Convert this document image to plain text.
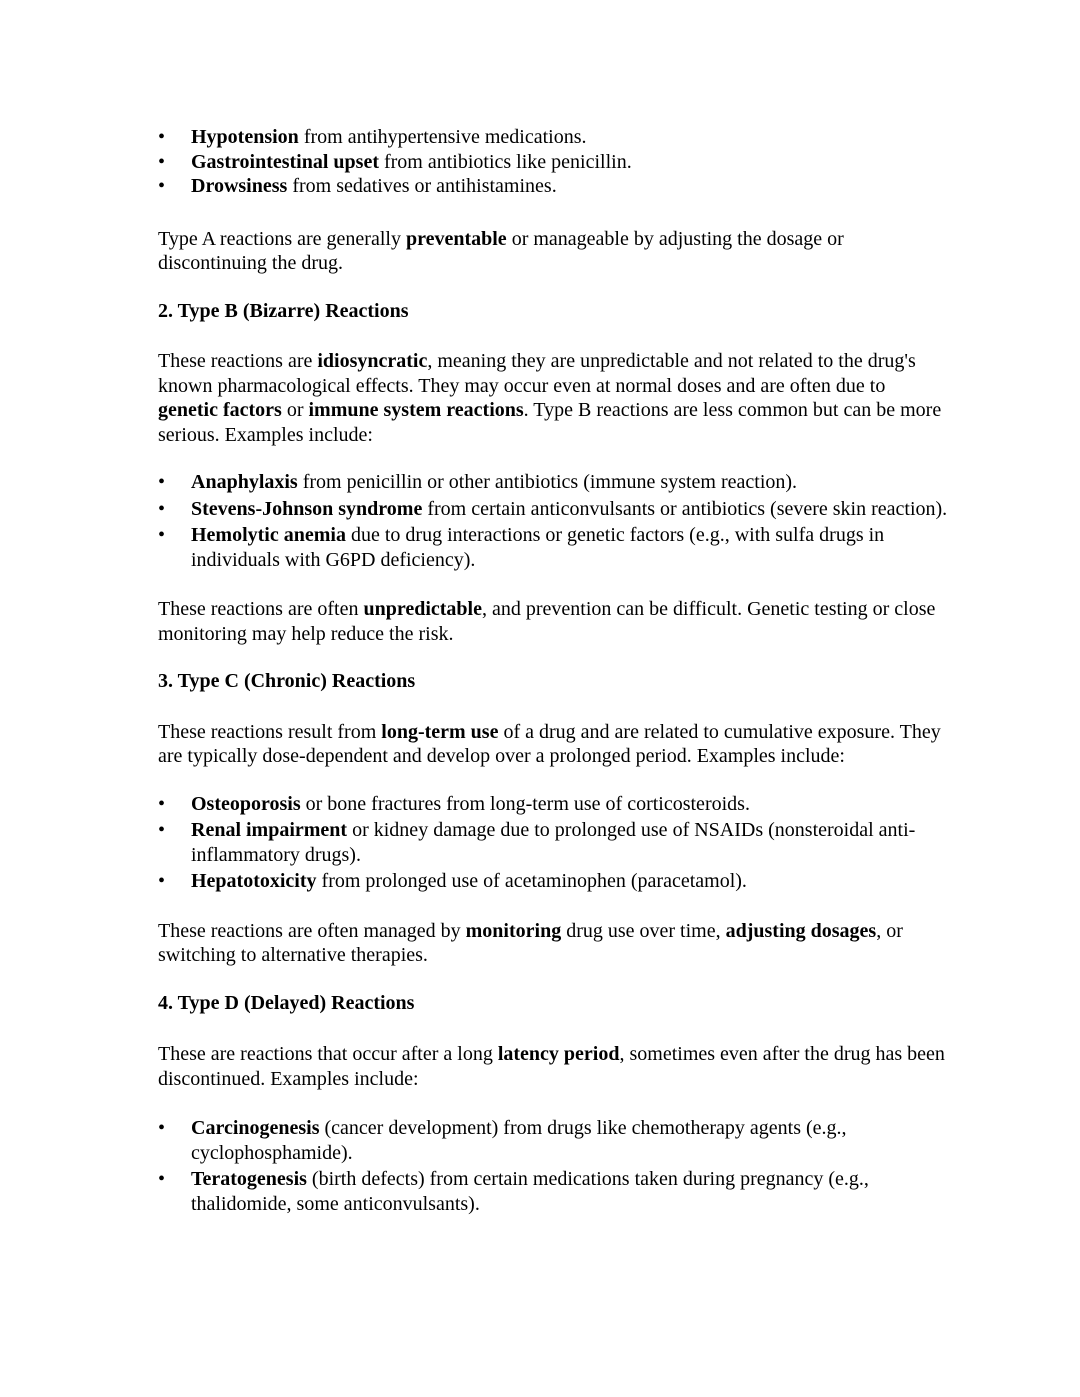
• Hypotension from antihypertensive medications.
• Gastrointestinal upset from antibiotics like penicillin.
• Drowsiness from sedatives or antihistamines.

Type A reactions are generally preventable or manageable by adjusting the dosage or discontinuing the drug.

2. Type B (Bizarre) Reactions

These reactions are idiosyncratic, meaning they are unpredictable and not related to the drug's known pharmacological effects. They may occur even at normal doses and are often due to genetic factors or immune system reactions. Type B reactions are less common but can be more serious. Examples include:

• Anaphylaxis from penicillin or other antibiotics (immune system reaction).
• Stevens-Johnson syndrome from certain anticonvulsants or antibiotics (severe skin reaction).
• Hemolytic anemia due to drug interactions or genetic factors (e.g., with sulfa drugs in individuals with G6PD deficiency).

These reactions are often unpredictable, and prevention can be difficult. Genetic testing or close monitoring may help reduce the risk.

3. Type C (Chronic) Reactions

These reactions result from long-term use of a drug and are related to cumulative exposure. They are typically dose-dependent and develop over a prolonged period. Examples include:

• Osteoporosis or bone fractures from long-term use of corticosteroids.
• Renal impairment or kidney damage due to prolonged use of NSAIDs (nonsteroidal anti-inflammatory drugs).
• Hepatotoxicity from prolonged use of acetaminophen (paracetamol).

These reactions are often managed by monitoring drug use over time, adjusting dosages, or switching to alternative therapies.

4. Type D (Delayed) Reactions

These are reactions that occur after a long latency period, sometimes even after the drug has been discontinued. Examples include:

• Carcinogenesis (cancer development) from drugs like chemotherapy agents (e.g., cyclophosphamide).
• Teratogenesis (birth defects) from certain medications taken during pregnancy (e.g., thalidomide, some anticonvulsants).
